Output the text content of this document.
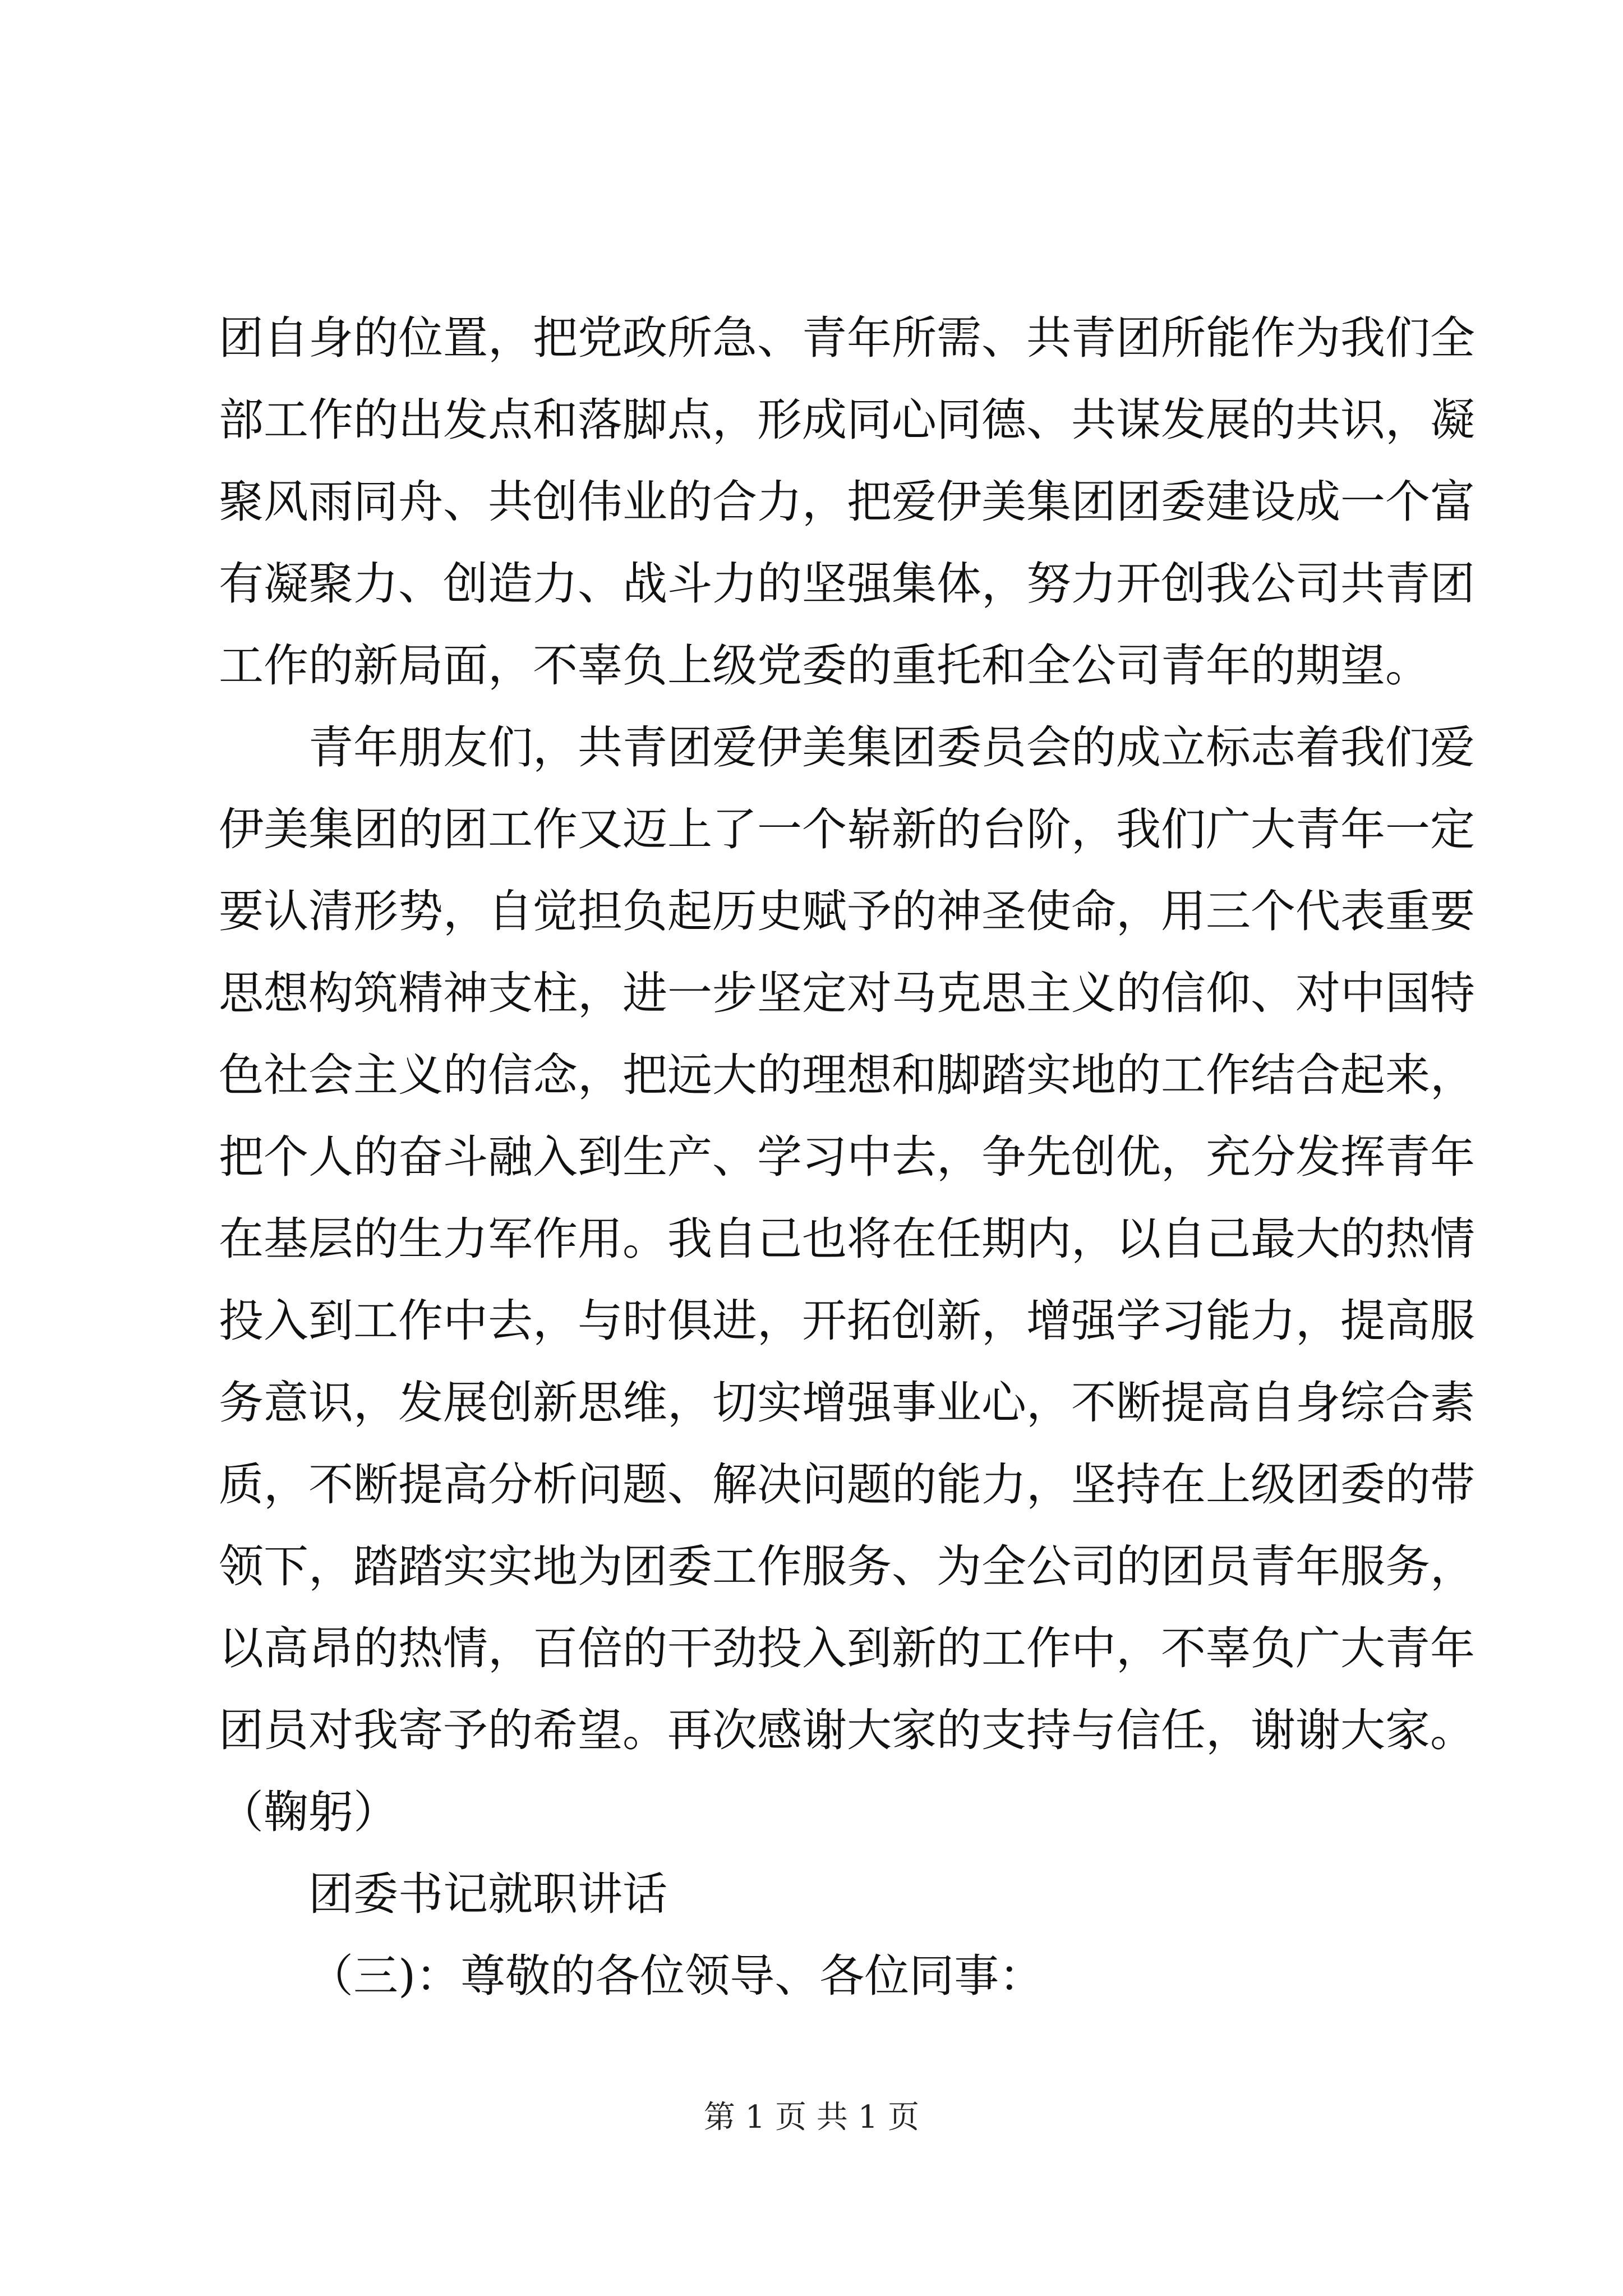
团自身的位置，把党政所急、青年所需、共青团所能作为我们全
部工作的出发点和落脚点，形成同心同德、共谋发展的共识，凝
聚风雨同舟、共创伟业的合力，把爱伊美集团团委建设成一个富
有凝聚力、创造力、战斗力的坚强集体，努力开创我公司共青团
工作的新局面，不辜负上级党委的重托和全公司青年的期望。
青年朋友们，共青团爱伊美集团委员会的成立标志着我们爱
伊美集团的团工作又迈上了一个崭新的台阶，我们广大青年一定
要认清形势，自觉担负起历史赋予的神圣使命，用三个代表重要
思想构筑精神支柱，进一步坚定对马克思主义的信仰、对中国特
色社会主义的信念，把远大的理想和脚踏实地的工作结合起来，
把个人的奋斗融入到生产、学习中去，争先创优，充分发挥青年
在基层的生力军作用。我自己也将在任期内，以自己最大的热情
投入到工作中去，与时俱进，开拓创新，增强学习能力，提高服
务意识，发展创新思维，切实增强事业心，不断提高自身综合素
质，不断提高分析问题、解决问题的能力，坚持在上级团委的带
领下，踏踏实实地为团委工作服务、为全公司的团员青年服务，
以高昂的热情，百倍的干劲投入到新的工作中，不辜负广大青年
团员对我寄予的希望。再次感谢大家的支持与信任，谢谢大家。
（鞠躬）
团委书记就职讲话
（三)：尊敬的各位领导、各位同事：
第 1 页 共 1 页
